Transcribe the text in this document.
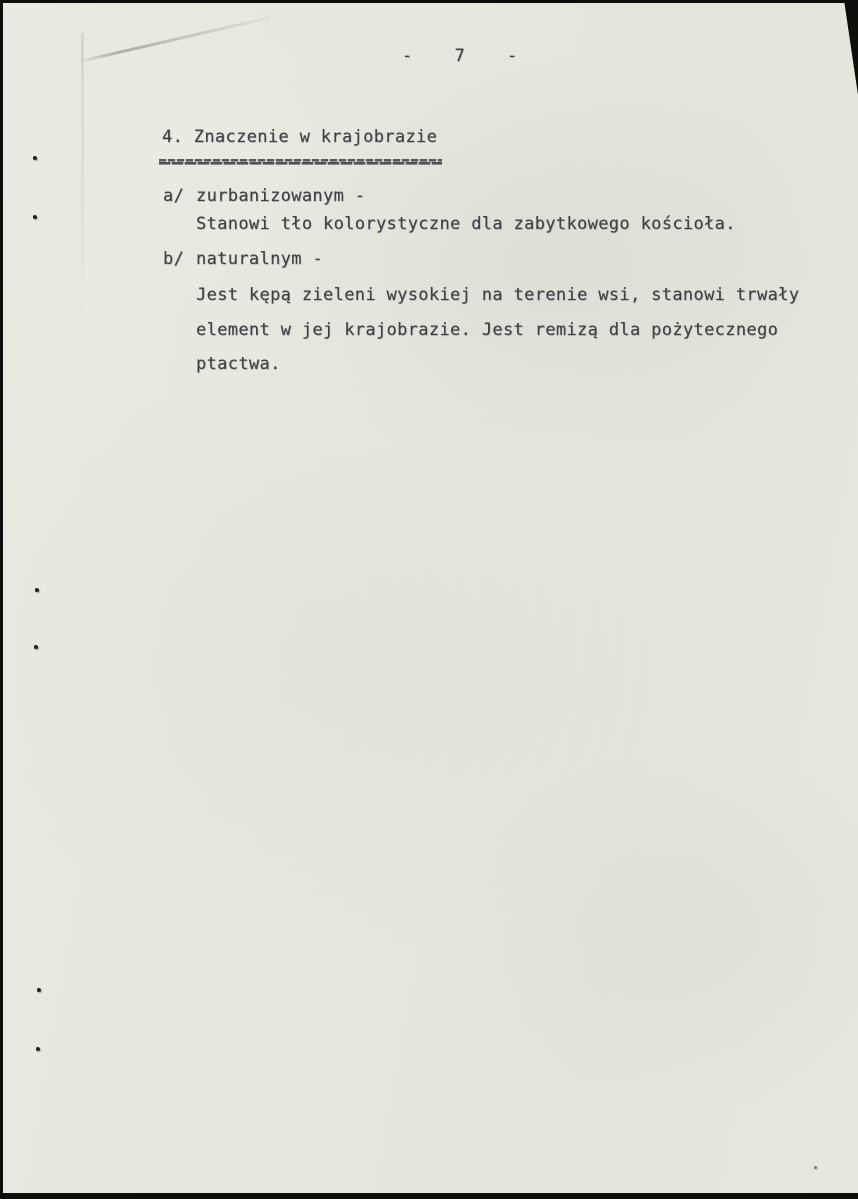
- 7 -
4. Znaczenie w krajobrazie
a/ zurbanizowanym -
Stanowi tło kolorystyczne dla zabytkowego kościoła.
b/ naturalnym -
Jest kępą zieleni wysokiej na terenie wsi, stanowi trwały
element w jej krajobrazie. Jest remizą dla pożytecznego
ptactwa.
